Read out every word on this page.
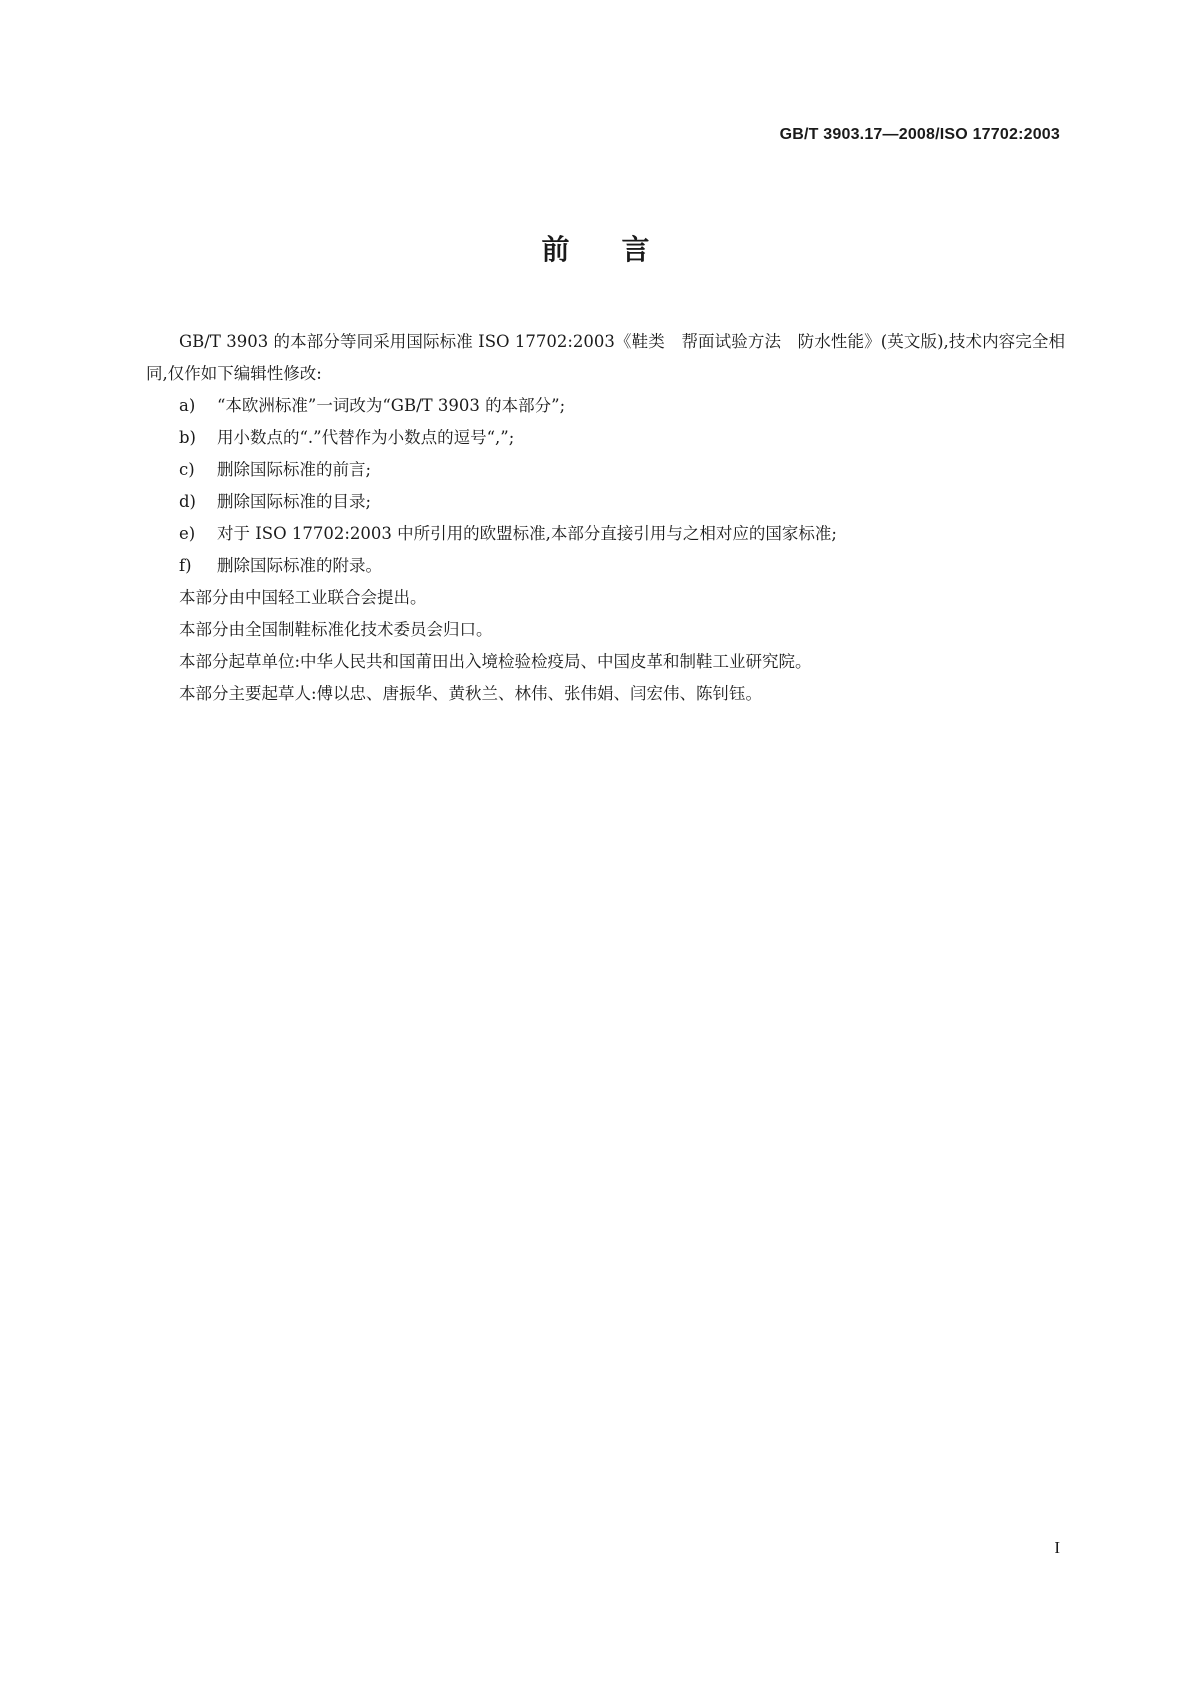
GB/T 3903.17—2008/ISO 17702:2003
前言

GB/T 3903 的本部分等同采用国际标准 ISO 17702:2003《鞋类　帮面试验方法　防水性能》(英文版),技术内容完全相同,仅作如下编辑性修改:

a)	“本欧洲标准”一词改为“GB/T 3903 的本部分”;
b)	用小数点的“.”代替作为小数点的逗号“,”;
c)	删除国际标准的前言;
d)	删除国际标准的目录;
e)	对于 ISO 17702:2003 中所引用的欧盟标准,本部分直接引用与之相对应的国家标准;
f)	删除国际标准的附录。

本部分由中国轻工业联合会提出。

本部分由全国制鞋标准化技术委员会归口。

本部分起草单位:中华人民共和国莆田出入境检验检疫局、中国皮革和制鞋工业研究院。

本部分主要起草人:傅以忠、唐振华、黄秋兰、林伟、张伟娟、闫宏伟、陈钊钰。

I
